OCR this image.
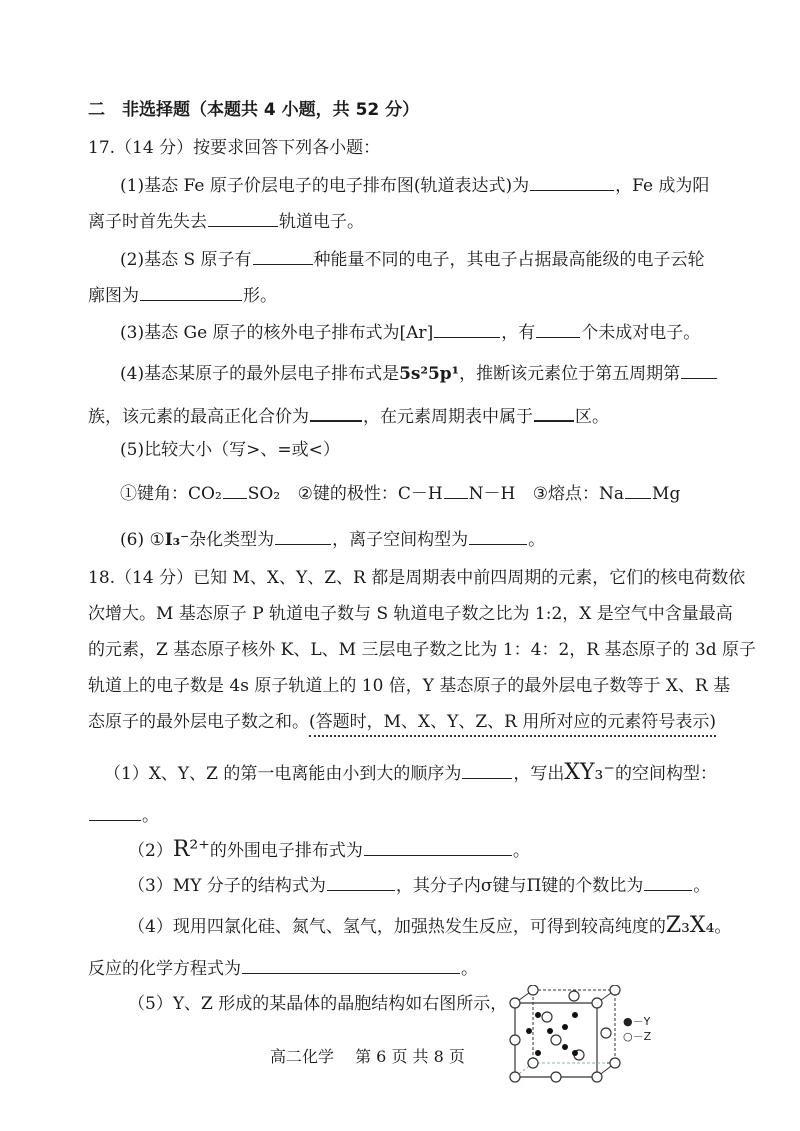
二　非选择题（本题共 4 小题，共 52 分）
17.（14 分）按要求回答下列各小题：
(1)基态 Fe 原子价层电子的电子排布图(轨道表达式)为	，Fe 成为阳
离子时首先失去	轨道电子。
(2)基态 S 原子有	种能量不同的电子，其电子占据最高能级的电子云轮
廓图为	形。
(3)基态 Ge 原子的核外电子排布式为[Ar]	，有	个未成对电子。
(4)基态某原子的最外层电子排布式是5s²5p¹，推断该元素位于第五周期第
族，该元素的最高正化合价为	，在元素周期表中属于 区。
(5)比较大小（写>、=或<）
①键角：CO₂ SO₂ ②键的极性：C－H N－H ③熔点：Na Mg
(6) ①I₃⁻杂化类型为	，离子空间构型为	。
18.（14 分）已知 M、X、Y、Z、R 都是周期表中前四周期的元素，它们的核电荷数依
次增大。M 基态原子 P 轨道电子数与 S 轨道电子数之比为 1:2，X 是空气中含量最高
的元素，Z 基态原子核外 K、L、M 三层电子数之比为 1：4：2，R 基态原子的 3d 原子
轨道上的电子数是 4s 原子轨道上的 10 倍，Y 基态原子的最外层电子数等于 X、R 基
态原子的最外层电子数之和。(答题时，M、X、Y、Z、R 用所对应的元素符号表示)
（1）X、Y、Z 的第一电离能由小到大的顺序为	，写出XY₃⁻的空间构型：
。
（2）R²⁺的外围电子排布式为	。
（3）MY 分子的结构式为	，其分子内σ键与Π键的个数比为	。
（4）现用四氯化硅、氮气、氢气，加强热发生反应，可得到较高纯度的Z₃X₄。
反应的化学方程式为	。
（5）Y、Z 形成的某晶体的晶胞结构如右图所示，
●－Y
○－Z
高二化学　 第 6 页 共 8 页
